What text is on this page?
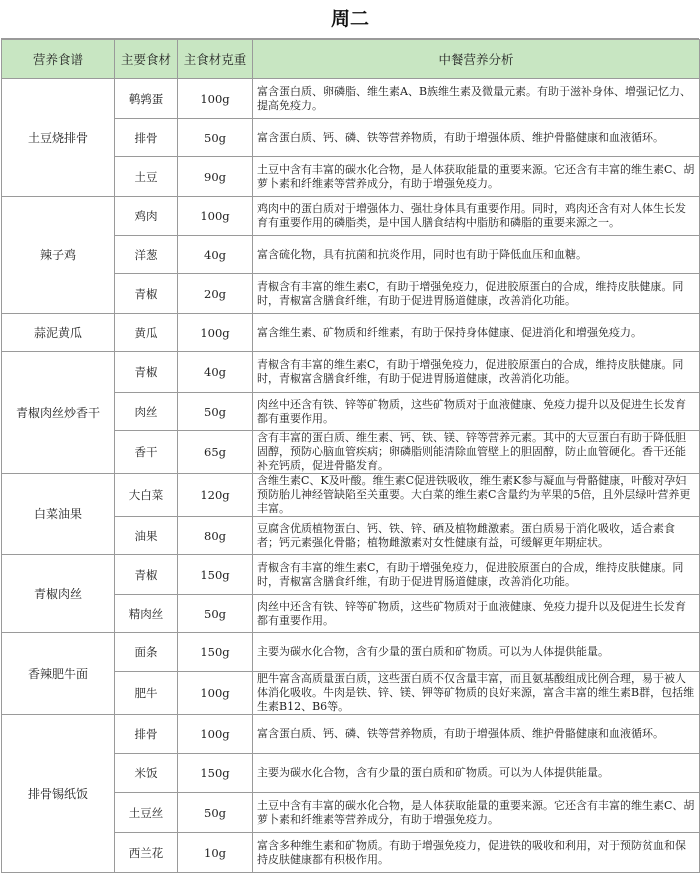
周二
营养食谱	主要食材	主食材克重	中餐营养分析
土豆烧排骨	鹌鹑蛋	100g	富含蛋白质、卵磷脂、维生素A、B族维生素及微量元素。有助于滋补身体、增强记忆力、提高免疫力。
	排骨	50g	富含蛋白质、钙、磷、铁等营养物质，有助于增强体质、维护骨骼健康和血液循环。
	土豆	90g	土豆中含有丰富的碳水化合物，是人体获取能量的重要来源。它还含有丰富的维生素C、胡萝卜素和纤维素等营养成分，有助于增强免疫力。
辣子鸡	鸡肉	100g	鸡肉中的蛋白质对于增强体力、强壮身体具有重要作用。同时，鸡肉还含有对人体生长发育有重要作用的磷脂类，是中国人膳食结构中脂肪和磷脂的重要来源之一。
	洋葱	40g	富含硫化物，具有抗菌和抗炎作用，同时也有助于降低血压和血糖。
	青椒	20g	青椒含有丰富的维生素C，有助于增强免疫力，促进胶原蛋白的合成，维持皮肤健康。同时，青椒富含膳食纤维，有助于促进胃肠道健康，改善消化功能。
蒜泥黄瓜	黄瓜	100g	富含维生素、矿物质和纤维素，有助于保持身体健康、促进消化和增强免疫力。
青椒肉丝炒香干	青椒	40g	青椒含有丰富的维生素C，有助于增强免疫力，促进胶原蛋白的合成，维持皮肤健康。同时，青椒富含膳食纤维，有助于促进胃肠道健康，改善消化功能。
	肉丝	50g	肉丝中还含有铁、锌等矿物质，这些矿物质对于血液健康、免疫力提升以及促进生长发育都有重要作用。
	香干	65g	含有丰富的蛋白质、维生素、钙、铁、镁、锌等营养元素。其中的大豆蛋白有助于降低胆固醇，预防心脑血管疾病；卵磷脂则能清除血管壁上的胆固醇，防止血管硬化。香干还能补充钙质，促进骨骼发育。
白菜油果	大白菜	120g	含维生素C、K及叶酸。维生素C促进铁吸收，维生素K参与凝血与骨骼健康，叶酸对孕妇预防胎儿神经管缺陷至关重要。大白菜的维生素C含量约为苹果的5倍，且外层绿叶营养更丰富。
	油果	80g	豆腐含优质植物蛋白、钙、铁、锌、硒及植物雌激素。蛋白质易于消化吸收，适合素食者；钙元素强化骨骼；植物雌激素对女性健康有益，可缓解更年期症状。
青椒肉丝	青椒	150g	青椒含有丰富的维生素C，有助于增强免疫力，促进胶原蛋白的合成，维持皮肤健康。同时，青椒富含膳食纤维，有助于促进胃肠道健康，改善消化功能。
	精肉丝	50g	肉丝中还含有铁、锌等矿物质，这些矿物质对于血液健康、免疫力提升以及促进生长发育都有重要作用。
香辣肥牛面	面条	150g	主要为碳水化合物，含有少量的蛋白质和矿物质。可以为人体提供能量。
	肥牛	100g	肥牛富含高质量蛋白质，这些蛋白质不仅含量丰富，而且氨基酸组成比例合理，易于被人体消化吸收。牛肉是铁、锌、镁、钾等矿物质的良好来源，富含丰富的维生素B群，包括维生素B12、B6等。
排骨锡纸饭	排骨	100g	富含蛋白质、钙、磷、铁等营养物质，有助于增强体质、维护骨骼健康和血液循环。
	米饭	150g	主要为碳水化合物，含有少量的蛋白质和矿物质。可以为人体提供能量。
	土豆丝	50g	土豆中含有丰富的碳水化合物，是人体获取能量的重要来源。它还含有丰富的维生素C、胡萝卜素和纤维素等营养成分，有助于增强免疫力。
	西兰花	10g	富含多种维生素和矿物质。有助于增强免疫力，促进铁的吸收和利用，对于预防贫血和保持皮肤健康都有积极作用。
